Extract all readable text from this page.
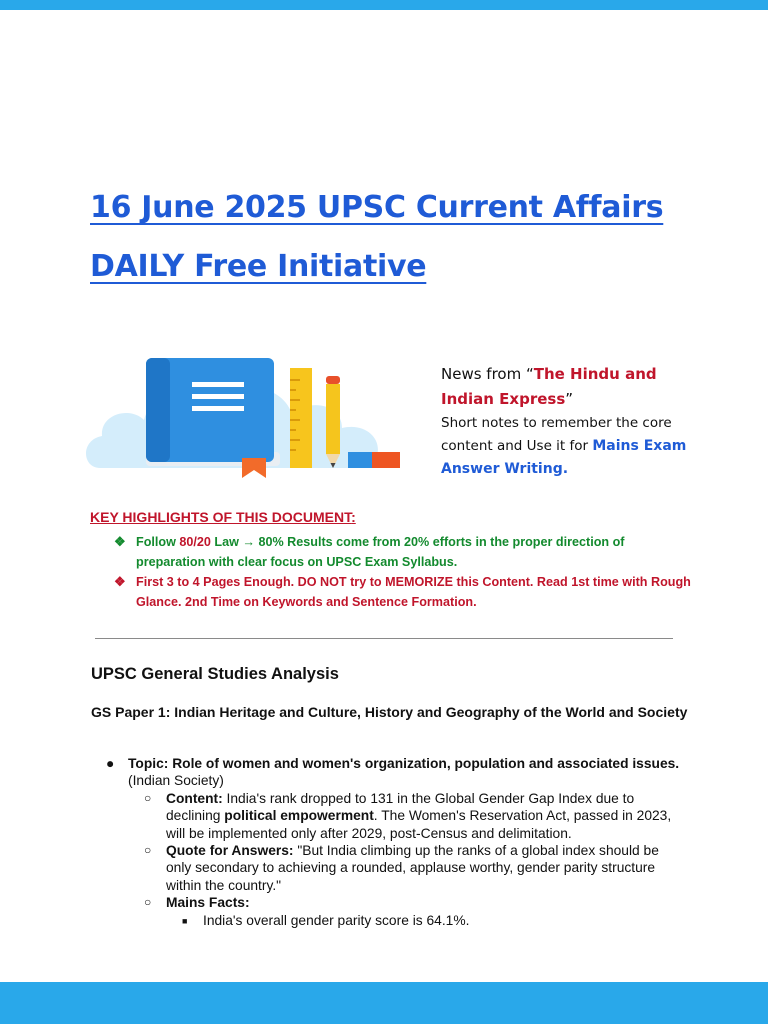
16 June 2025 UPSC Current Affairs
DAILY Free Initiative
News from “The Hindu and Indian Express”
Short notes to remember the core content and Use it for Mains Exam Answer Writing.

KEY HIGHLIGHTS OF THIS DOCUMENT:

❖ Follow 80/20 Law → 80% Results come from 20% efforts in the proper direction of preparation with clear focus on UPSC Exam Syllabus.
❖ First 3 to 4 Pages Enough. DO NOT try to MEMORIZE this Content. Read 1st time with Rough Glance. 2nd Time on Keywords and Sentence Formation.
UPSC General Studies Analysis
GS Paper 1: Indian Heritage and Culture, History and Geography of the World and Society
● Topic: Role of women and women's organization, population and associated issues. (Indian Society)
○ Content: India's rank dropped to 131 in the Global Gender Gap Index due to declining political empowerment. The Women's Reservation Act, passed in 2023, will be implemented only after 2029, post-Census and delimitation.
○ Quote for Answers: "But India climbing up the ranks of a global index should be only secondary to achieving a rounded, applause worthy, gender parity structure within the country."
○ Mains Facts:
■ India's overall gender parity score is 64.1%.
